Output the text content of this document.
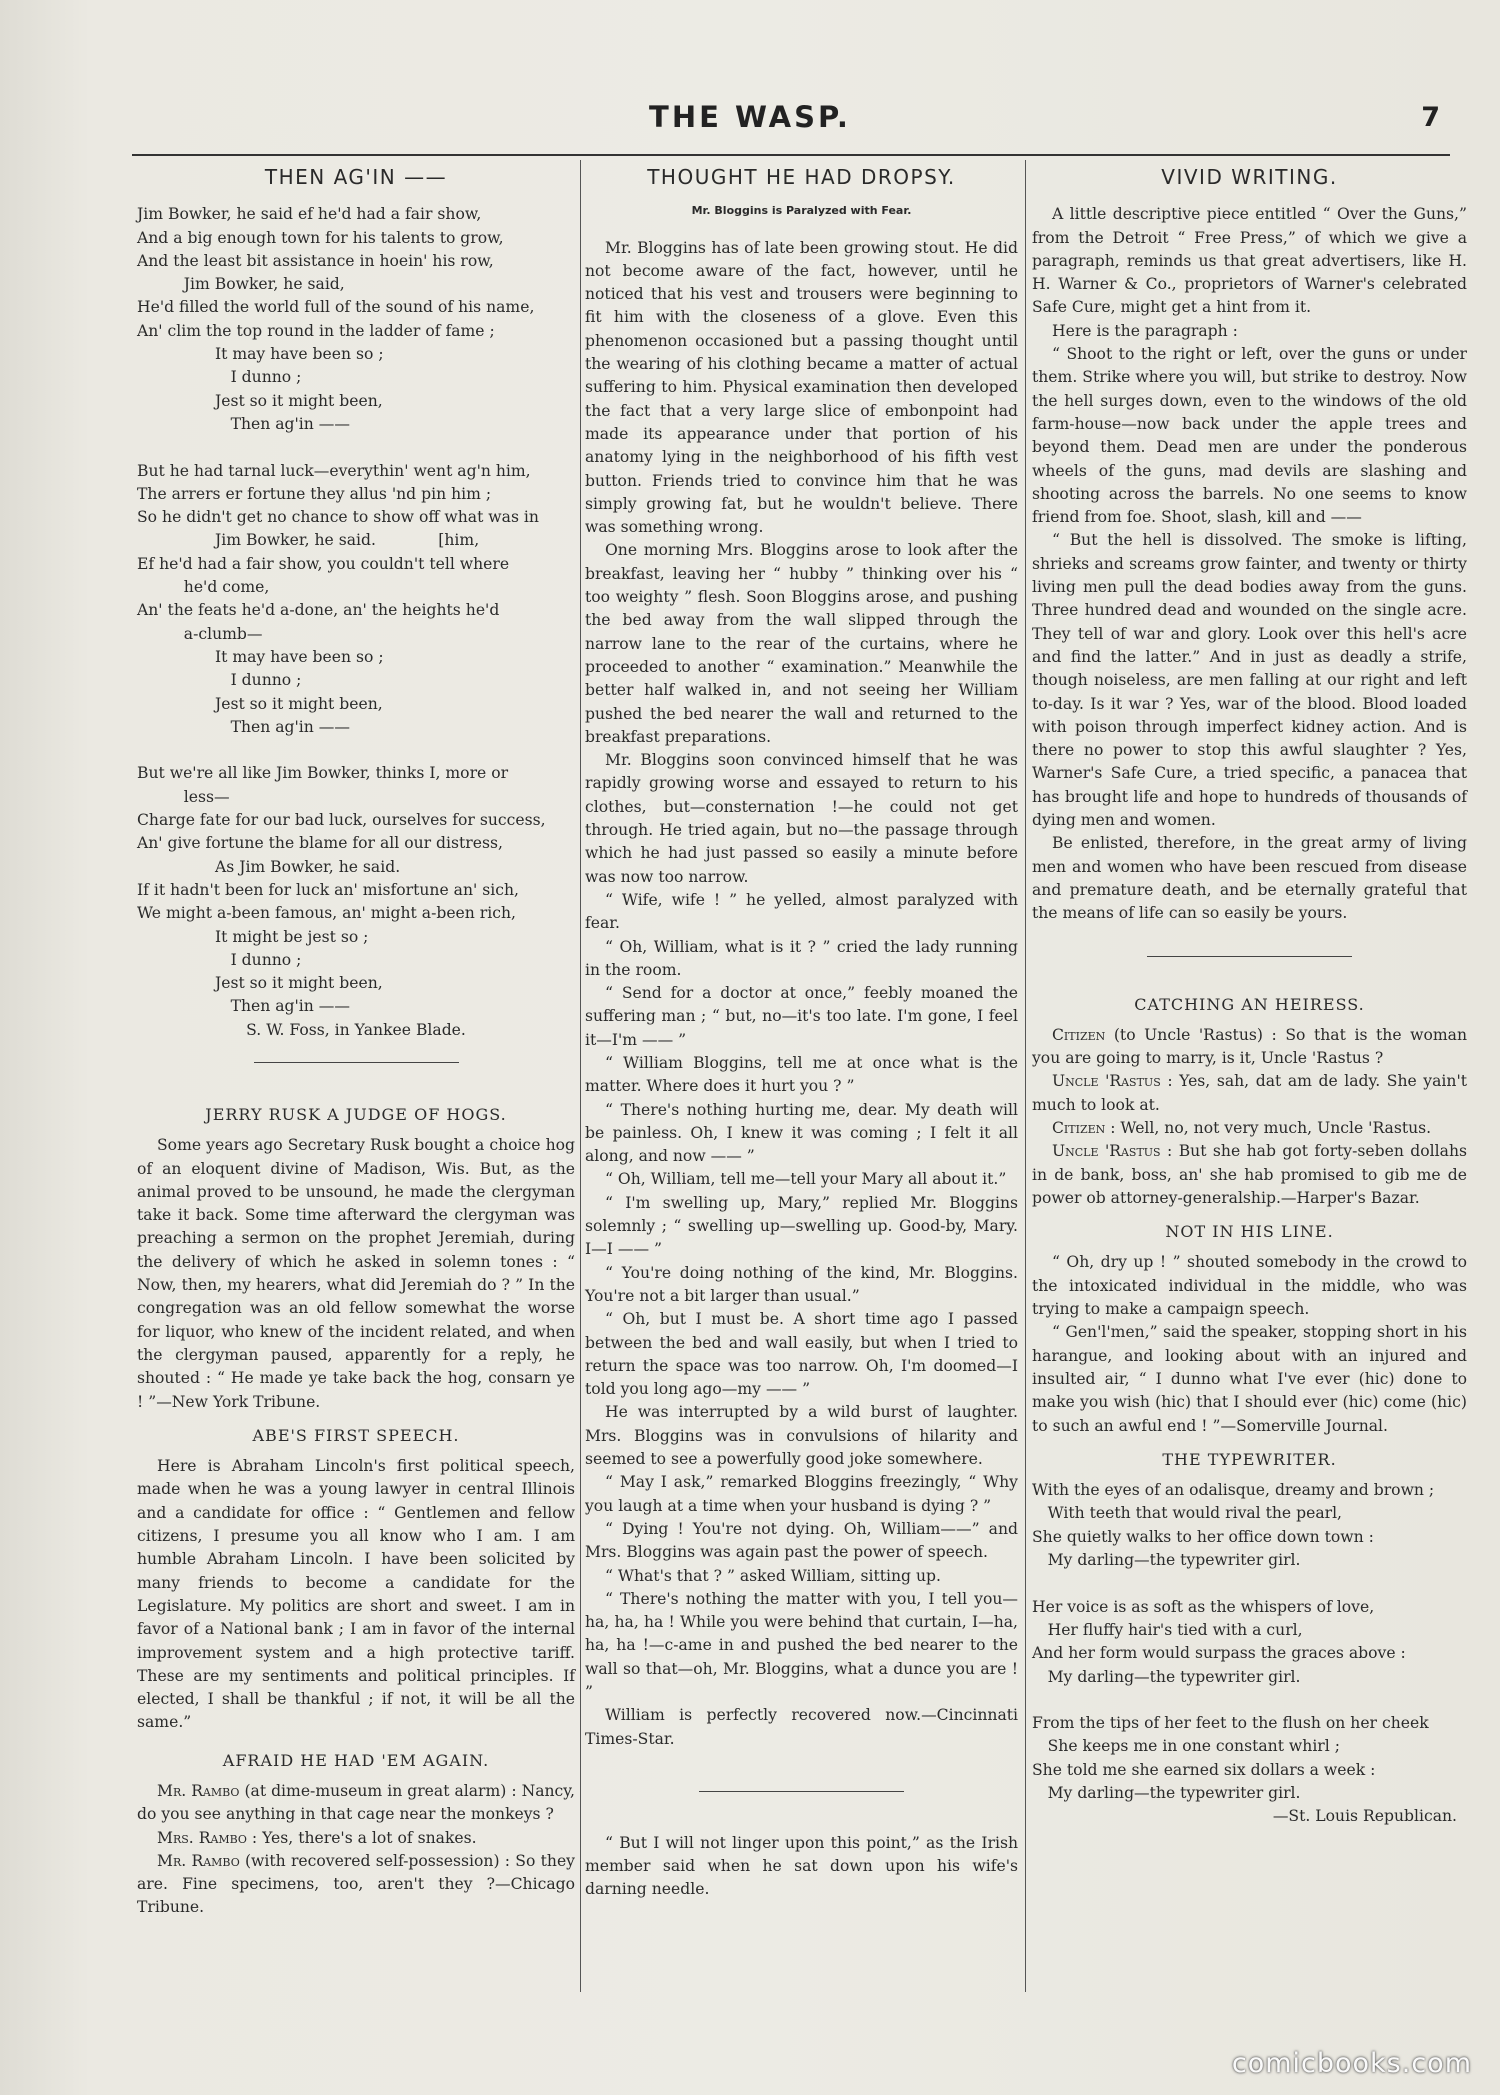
THE WASP.	7
THEN AG'IN ——
Jim Bowker, he said ef he'd had a fair show,
And a big enough town for his talents to grow,
And the least bit assistance in hoein' his row,
   Jim Bowker, he said,
He'd filled the world full of the sound of his name,
An' clim the top round in the ladder of fame ;
     It may have been so ;
      I dunno ;
     Jest so it might been,
      Then ag'in ——

But he had tarnal luck—everythin' went ag'n him,
The arrers er fortune they allus 'nd pin him ;
So he didn't get no chance to show off what was in
     Jim Bowker, he said.    [him,
Ef he'd had a fair show, you couldn't tell where
   he'd come,
An' the feats he'd a-done, an' the heights he'd
   a-clumb—
     It may have been so ;
      I dunno ;
     Jest so it might been,
      Then ag'in ——

But we're all like Jim Bowker, thinks I, more or
   less—
Charge fate for our bad luck, ourselves for success,
An' give fortune the blame for all our distress,
     As Jim Bowker, he said.
If it hadn't been for luck an' misfortune an' sich,
We might a-been famous, an' might a-been rich,
     It might be jest so ;
      I dunno ;
     Jest so it might been,
      Then ag'in ——
       S. W. Foss, in Yankee Blade.
JERRY RUSK A JUDGE OF HOGS.

Some years ago Secretary Rusk bought a choice hog of an eloquent divine of Madison, Wis. But, as the animal proved to be unsound, he made the clergyman take it back. Some time afterward the clergyman was preaching a sermon on the prophet Jeremiah, during the delivery of which he asked in solemn tones : “ Now, then, my hearers, what did Jeremiah do ? ” In the congregation was an old fellow somewhat the worse for liquor, who knew of the incident related, and when the clergyman paused, apparently for a reply, he shouted : “ He made ye take back the hog, consarn ye ! ”—New York Tribune.

ABE'S FIRST SPEECH.

Here is Abraham Lincoln's first political speech, made when he was a young lawyer in central Illinois and a candidate for office : “ Gentlemen and fellow citizens, I presume you all know who I am. I am humble Abraham Lincoln. I have been solicited by many friends to become a candidate for the Legislature. My politics are short and sweet. I am in favor of a National bank ; I am in favor of the internal improvement system and a high protective tariff. These are my sentiments and political principles. If elected, I shall be thankful ; if not, it will be all the same.”

AFRAID HE HAD 'EM AGAIN.

Mr. Rambo (at dime-museum in great alarm) : Nancy, do you see anything in that cage near the monkeys ?

Mrs. Rambo : Yes, there's a lot of snakes.

Mr. Rambo (with recovered self-possession) : So they are. Fine specimens, too, aren't they ?—Chicago Tribune.

THOUGHT HE HAD DROPSY.
Mr. Bloggins is Paralyzed with Fear.

Mr. Bloggins has of late been growing stout. He did not become aware of the fact, however, until he noticed that his vest and trousers were beginning to fit him with the closeness of a glove. Even this phenomenon occasioned but a passing thought until the wearing of his clothing became a matter of actual suffering to him. Physical examination then developed the fact that a very large slice of embonpoint had made its appearance under that portion of his anatomy lying in the neighborhood of his fifth vest button. Friends tried to convince him that he was simply growing fat, but he wouldn't believe. There was something wrong.

One morning Mrs. Bloggins arose to look after the breakfast, leaving her “ hubby ” thinking over his “ too weighty ” flesh. Soon Bloggins arose, and pushing the bed away from the wall slipped through the narrow lane to the rear of the curtains, where he proceeded to another “ examination.” Meanwhile the better half walked in, and not seeing her William pushed the bed nearer the wall and returned to the breakfast preparations.

Mr. Bloggins soon convinced himself that he was rapidly growing worse and essayed to return to his clothes, but—consternation !—he could not get through. He tried again, but no—the passage through which he had just passed so easily a minute before was now too narrow.

“ Wife, wife ! ” he yelled, almost paralyzed with fear.

“ Oh, William, what is it ? ” cried the lady running in the room.

“ Send for a doctor at once,” feebly moaned the suffering man ; “ but, no—it's too late. I'm gone, I feel it—I'm —— ”

“ William Bloggins, tell me at once what is the matter. Where does it hurt you ? ”

“ There's nothing hurting me, dear. My death will be painless. Oh, I knew it was coming ; I felt it all along, and now —— ”

“ Oh, William, tell me—tell your Mary all about it.”

“ I'm swelling up, Mary,” replied Mr. Bloggins solemnly ; “ swelling up—swelling up. Good-by, Mary. I—I —— ”

“ You're doing nothing of the kind, Mr. Bloggins. You're not a bit larger than usual.”

“ Oh, but I must be. A short time ago I passed between the bed and wall easily, but when I tried to return the space was too narrow. Oh, I'm doomed—I told you long ago—my —— ”

He was interrupted by a wild burst of laughter. Mrs. Bloggins was in convulsions of hilarity and seemed to see a powerfully good joke somewhere.

“ May I ask,” remarked Bloggins freezingly, “ Why you laugh at a time when your husband is dying ? ”

“ Dying ! You're not dying. Oh, William——” and Mrs. Bloggins was again past the power of speech.

“ What's that ? ” asked William, sitting up.

“ There's nothing the matter with you, I tell you—ha, ha, ha ! While you were behind that curtain, I—ha, ha, ha !—c-ame in and pushed the bed nearer to the wall so that—oh, Mr. Bloggins, what a dunce you are ! ”

William is perfectly recovered now.—Cincinnati Times-Star.

“ But I will not linger upon this point,” as the Irish member said when he sat down upon his wife's darning needle.

VIVID WRITING.

A little descriptive piece entitled “ Over the Guns,” from the Detroit “ Free Press,” of which we give a paragraph, reminds us that great advertisers, like H. H. Warner & Co., proprietors of Warner's celebrated Safe Cure, might get a hint from it.

Here is the paragraph :

“ Shoot to the right or left, over the guns or under them. Strike where you will, but strike to destroy. Now the hell surges down, even to the windows of the old farm-house—now back under the apple trees and beyond them. Dead men are under the ponderous wheels of the guns, mad devils are slashing and shooting across the barrels. No one seems to know friend from foe. Shoot, slash, kill and ——

“ But the hell is dissolved. The smoke is lifting, shrieks and screams grow fainter, and twenty or thirty living men pull the dead bodies away from the guns. Three hundred dead and wounded on the single acre. They tell of war and glory. Look over this hell's acre and find the latter.” And in just as deadly a strife, though noiseless, are men falling at our right and left to-day. Is it war ? Yes, war of the blood. Blood loaded with poison through imperfect kidney action. And is there no power to stop this awful slaughter ? Yes, Warner's Safe Cure, a tried specific, a panacea that has brought life and hope to hundreds of thousands of dying men and women.

Be enlisted, therefore, in the great army of living men and women who have been rescued from disease and premature death, and be eternally grateful that the means of life can so easily be yours.

CATCHING AN HEIRESS.

Citizen (to Uncle 'Rastus) : So that is the woman you are going to marry, is it, Uncle 'Rastus ?

Uncle 'Rastus : Yes, sah, dat am de lady. She yain't much to look at.

Citizen : Well, no, not very much, Uncle 'Rastus.

Uncle 'Rastus : But she hab got forty-seben dollahs in de bank, boss, an' she hab promised to gib me de power ob attorney-generalship.—Harper's Bazar.

NOT IN HIS LINE.

“ Oh, dry up ! ” shouted somebody in the crowd to the intoxicated individual in the middle, who was trying to make a campaign speech.

“ Gen'l'men,” said the speaker, stopping short in his harangue, and looking about with an injured and insulted air, “ I dunno what I've ever (hic) done to make you wish (hic) that I should ever (hic) come (hic) to such an awful end ! ”—Somerville Journal.

THE TYPEWRITER.
With the eyes of an odalisque, dreamy and brown ;
 With teeth that would rival the pearl,
She quietly walks to her office down town :
 My darling—the typewriter girl.

Her voice is as soft as the whispers of love,
 Her fluffy hair's tied with a curl,
And her form would surpass the graces above :
 My darling—the typewriter girl.

From the tips of her feet to the flush on her cheek
 She keeps me in one constant whirl ;
She told me she earned six dollars a week :
 My darling—the typewriter girl.
—St. Louis Republican.
comicbooks.com
